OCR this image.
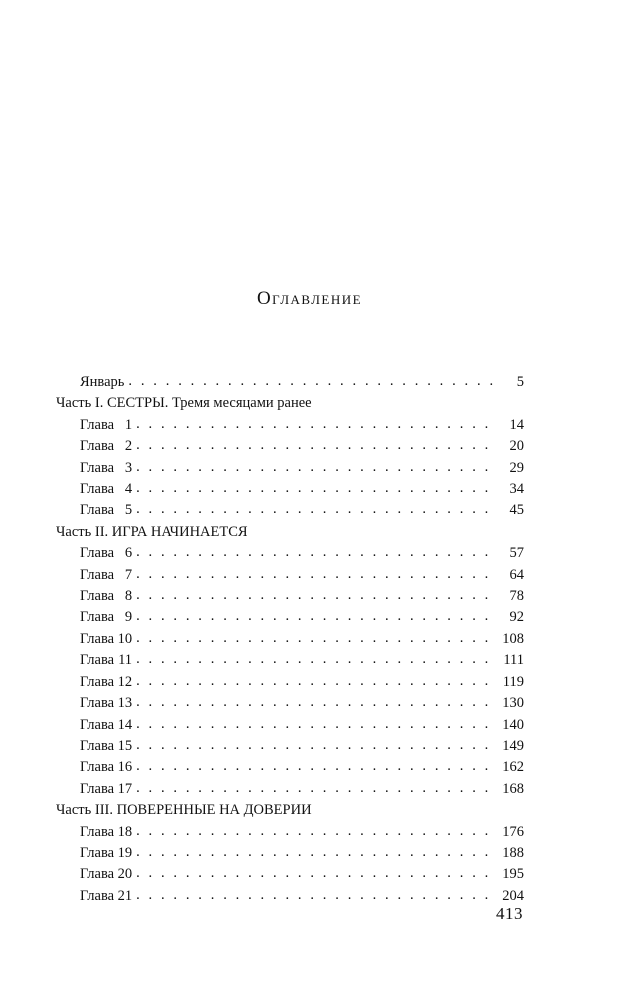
Оглавление
Январь . . .	5
Часть I. СЕСТРЫ. Тремя месяцами ранее
Глава 1 . . .	14
Глава 2 . . .	20
Глава 3 . . .	29
Глава 4 . . .	34
Глава 5 . . .	45
Часть II. ИГРА НАЧИНАЕТСЯ
Глава 6 . . .	57
Глава 7 . . .	64
Глава 8 . . .	78
Глава 9 . . .	92
Глава 10 . . .	108
Глава 11 . . .	111
Глава 12 . . .	119
Глава 13 . . .	130
Глава 14 . . .	140
Глава 15 . . .	149
Глава 16 . . .	162
Глава 17 . . .	168
Часть III. ПОВЕРЕННЫЕ НА ДОВЕРИИ
Глава 18 . . .	176
Глава 19 . . .	188
Глава 20 . . .	195
Глава 21 . . .	204
413
